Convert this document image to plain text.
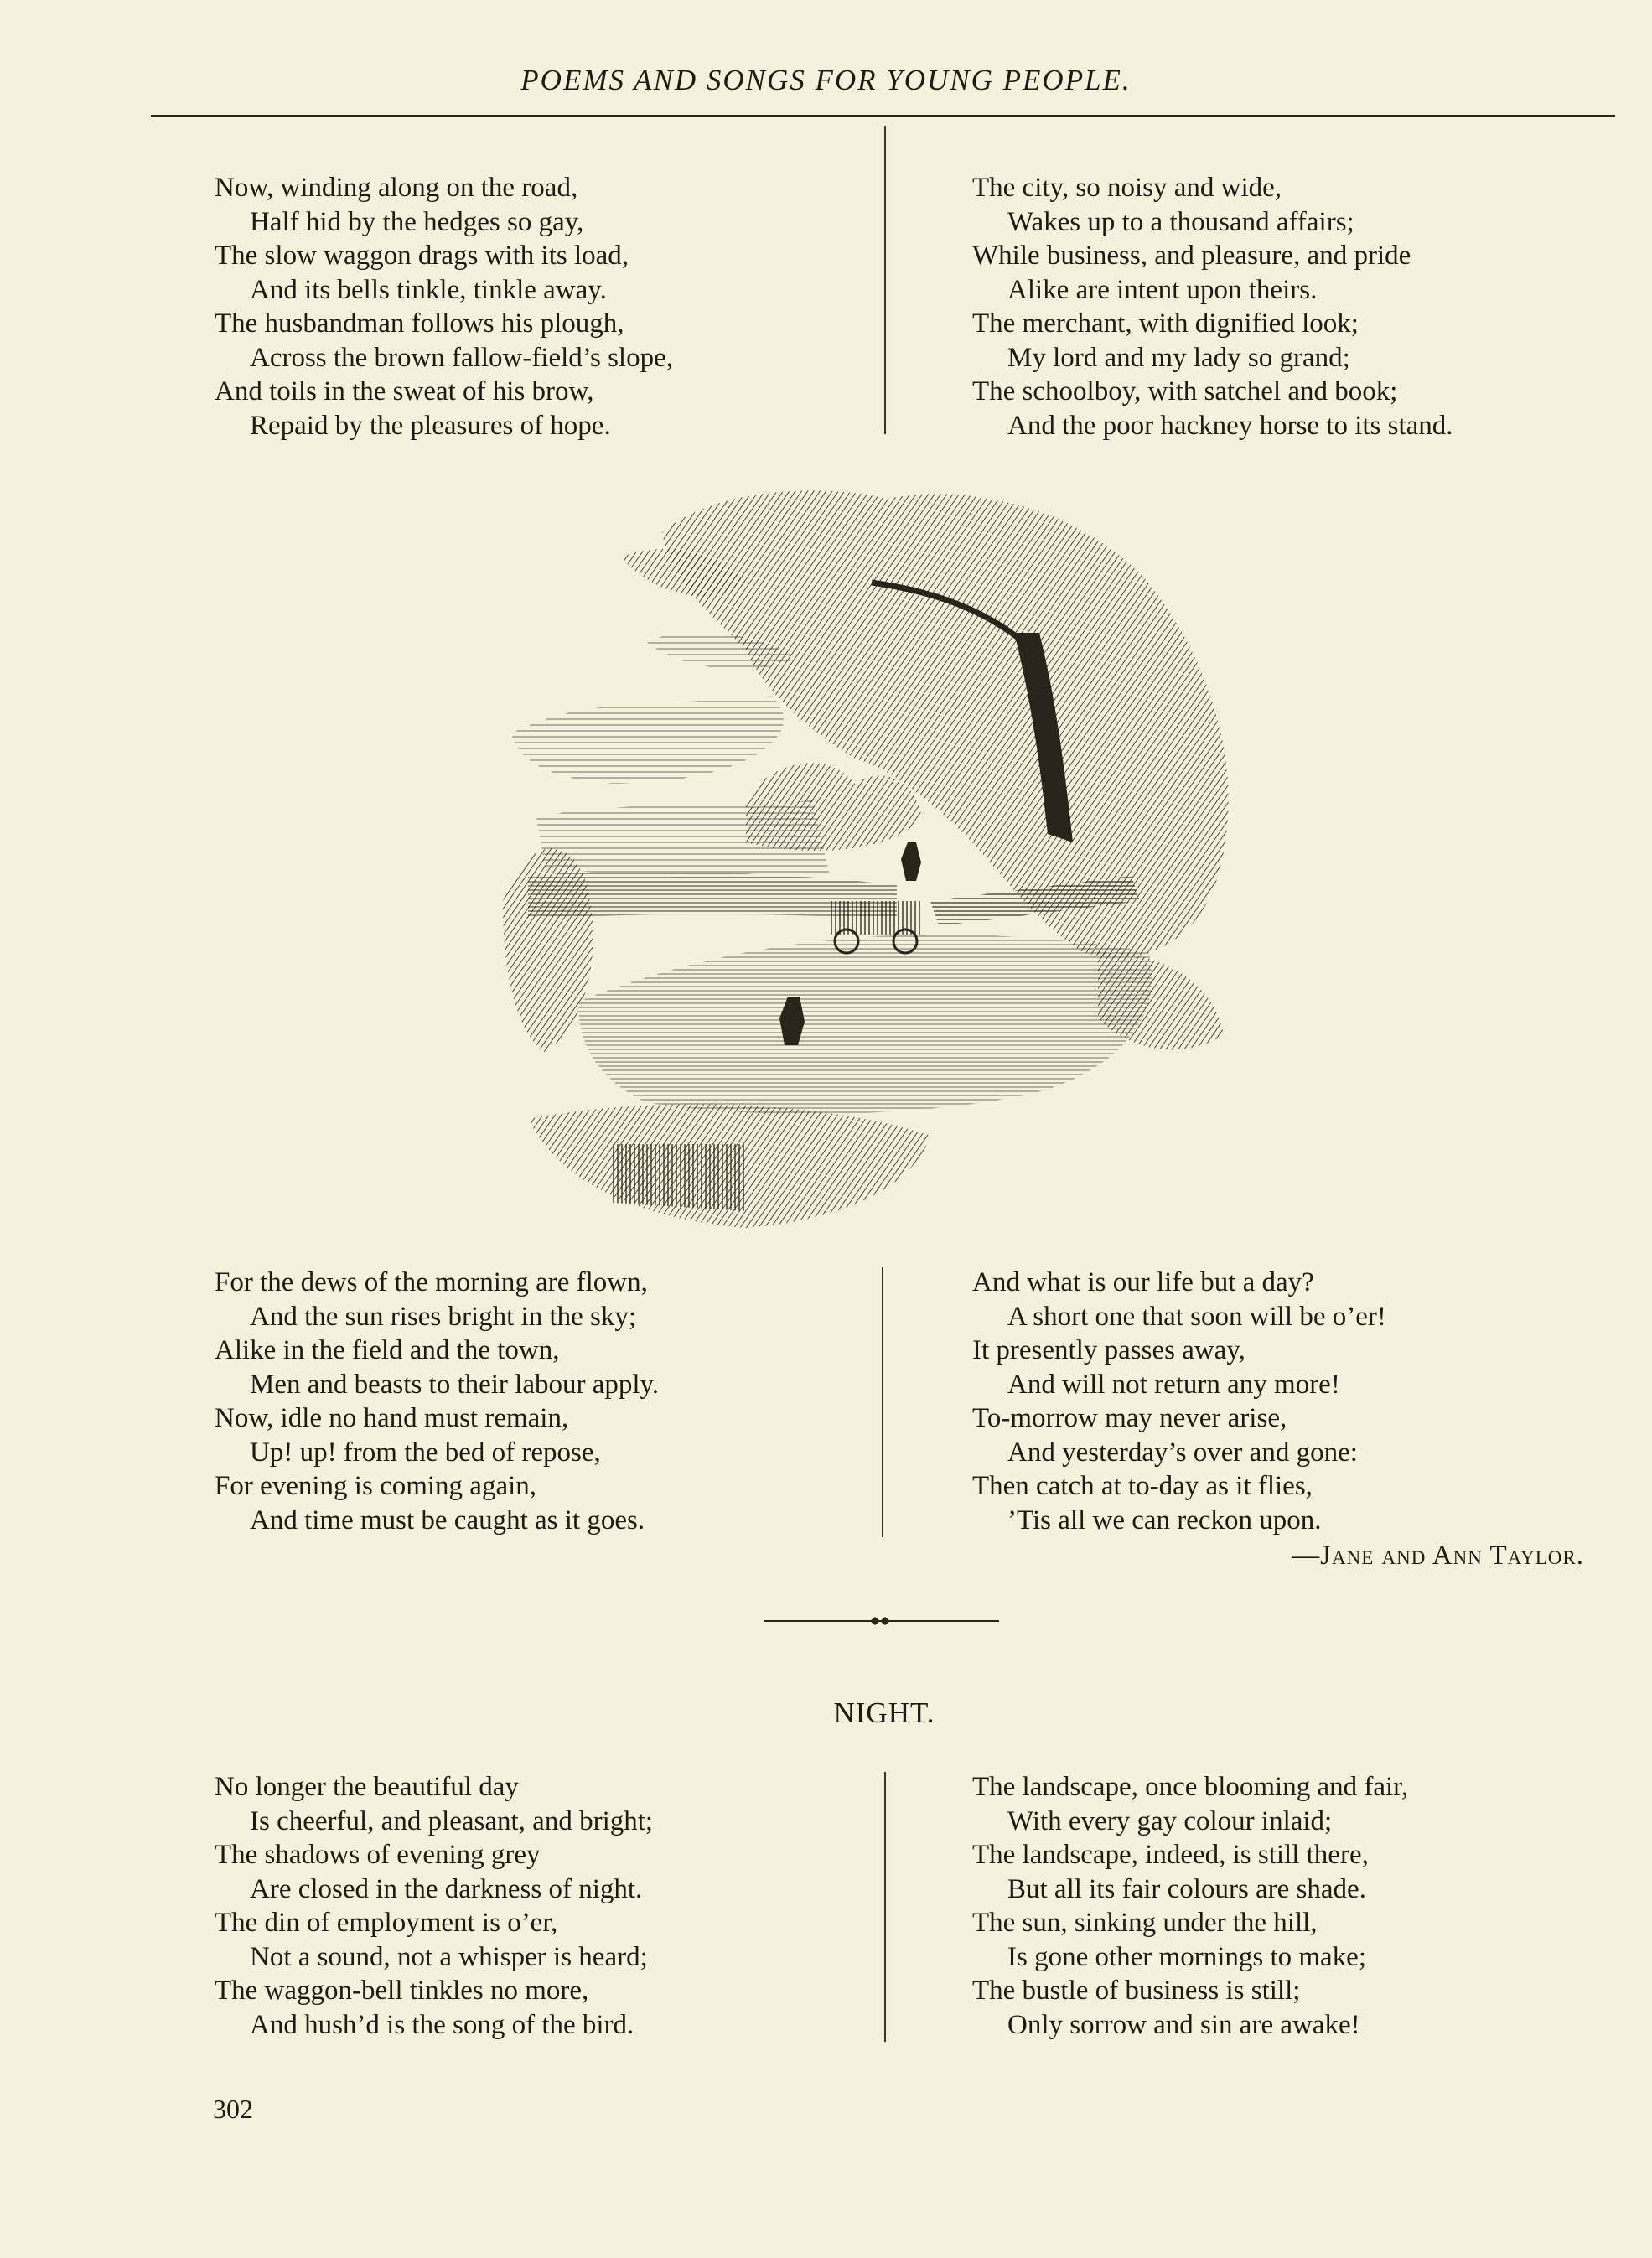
POEMS AND SONGS FOR YOUNG PEOPLE.
Now, winding along on the road,
Half hid by the hedges so gay,
The slow waggon drags with its load,
And its bells tinkle, tinkle away.
The husbandman follows his plough,
Across the brown fallow-field’s slope,
And toils in the sweat of his brow,
Repaid by the pleasures of hope.
The city, so noisy and wide,
Wakes up to a thousand affairs;
While business, and pleasure, and pride
Alike are intent upon theirs.
The merchant, with dignified look;
My lord and my lady so grand;
The schoolboy, with satchel and book;
And the poor hackney horse to its stand.
For the dews of the morning are flown,
And the sun rises bright in the sky;
Alike in the field and the town,
Men and beasts to their labour apply.
Now, idle no hand must remain,
Up! up! from the bed of repose,
For evening is coming again,
And time must be caught as it goes.
And what is our life but a day?
A short one that soon will be o’er!
It presently passes away,
And will not return any more!
To-morrow may never arise,
And yesterday’s over and gone:
Then catch at to-day as it flies,
’Tis all we can reckon upon.
—Jane and Ann Taylor.
NIGHT.
No longer the beautiful day
Is cheerful, and pleasant, and bright;
The shadows of evening grey
Are closed in the darkness of night.
The din of employment is o’er,
Not a sound, not a whisper is heard;
The waggon-bell tinkles no more,
And hush’d is the song of the bird.
The landscape, once blooming and fair,
With every gay colour inlaid;
The landscape, indeed, is still there,
But all its fair colours are shade.
The sun, sinking under the hill,
Is gone other mornings to make;
The bustle of business is still;
Only sorrow and sin are awake!
302
